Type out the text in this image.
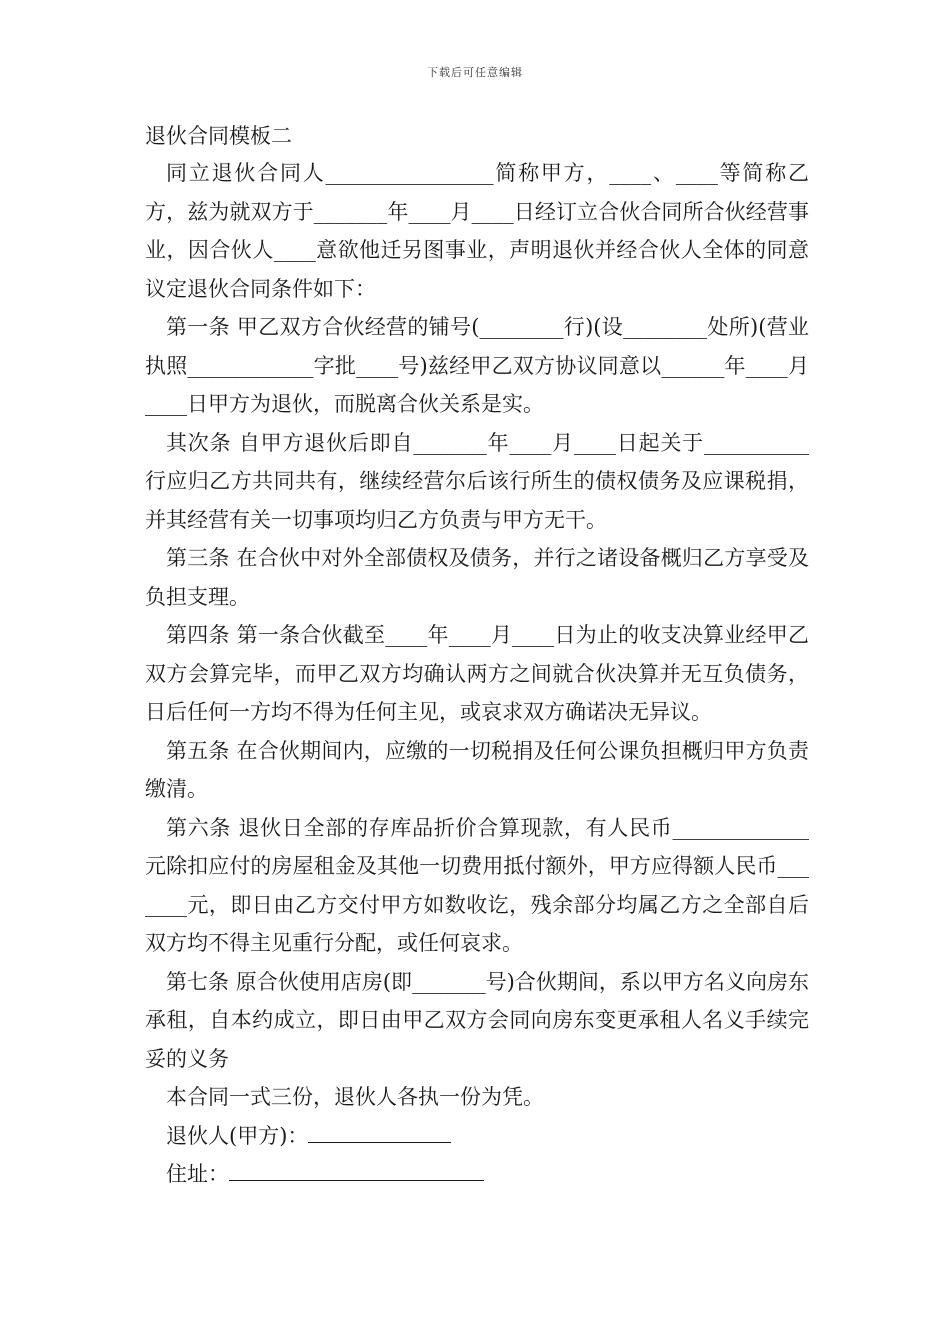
下载后可任意编辑

退伙合同模板二

同立退伙合同人________________简称甲方，____、____等简称乙方，兹为就双方于_______年____月____日经订立合伙合同所合伙经营事业，因合伙人____意欲他迁另图事业，声明退伙并经合伙人全体的同意议定退伙合同条件如下：

第一条 甲乙双方合伙经营的铺号(________行)(设________处所)(营业执照____________字批____号)兹经甲乙双方协议同意以______年____月____日甲方为退伙，而脱离合伙关系是实。

其次条 自甲方退伙后即自_______年____月____日起关于__________行应归乙方共同共有，继续经营尔后该行所生的债权债务及应课税捐，并其经营有关一切事项均归乙方负责与甲方无干。

第三条 在合伙中对外全部债权及债务，并行之诸设备概归乙方享受及负担支理。

第四条 第一条合伙截至____年____月____日为止的收支决算业经甲乙双方会算完毕，而甲乙双方均确认两方之间就合伙决算并无互负债务，日后任何一方均不得为任何主见，或哀求双方确诺决无异议。

第五条 在合伙期间内，应缴的一切税捐及任何公课负担概归甲方负责缴清。

第六条 退伙日全部的存库品折价合算现款，有人民币_____________元除扣应付的房屋租金及其他一切费用抵付额外，甲方应得额人民币_______元，即日由乙方交付甲方如数收讫，残余部分均属乙方之全部自后双方均不得主见重行分配，或任何哀求。

第七条 原合伙使用店房(即_______号)合伙期间，系以甲方名义向房东承租，自本约成立，即日由甲乙双方会同向房东变更承租人名义手续完妥的义务

本合同一式三份，退伙人各执一份为凭。

退伙人(甲方)：

住址：
